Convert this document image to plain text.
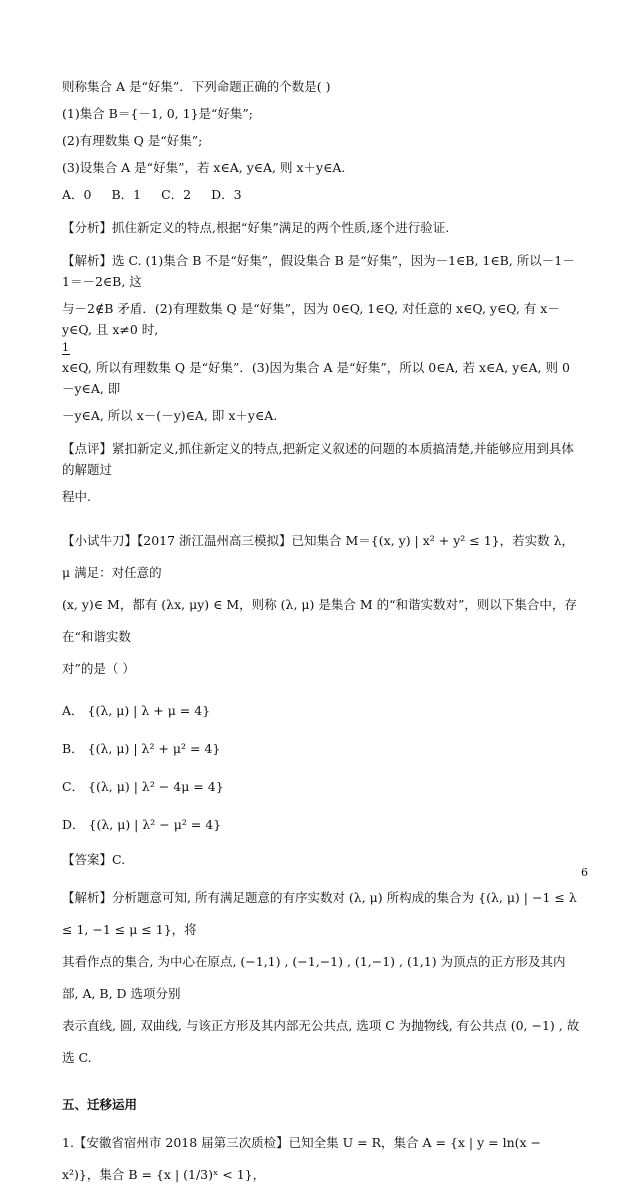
则称集合 A 是“好集”．下列命题正确的个数是( )

(1)集合 B＝{－1, 0, 1}是“好集”;

(2)有理数集 Q 是“好集”;

(3)设集合 A 是“好集”，若 x∈A, y∈A, 则 x＋y∈A.

A．0 B．1 C．2 D．3

【分析】抓住新定义的特点,根据“好集”满足的两个性质,逐个进行验证.

【解析】选 C. (1)集合 B 不是“好集”，假设集合 B 是“好集”，因为－1∈B, 1∈B, 所以－1－1＝－2∈B, 这

与－2∉B 矛盾．(2)有理数集 Q 是“好集”，因为 0∈Q, 1∈Q, 对任意的 x∈Q, y∈Q, 有 x－y∈Q, 且 x≠0 时,

1

x∈Q, 所以有理数集 Q 是“好集”．(3)因为集合 A 是“好集”，所以 0∈A, 若 x∈A, y∈A, 则 0－y∈A, 即

－y∈A, 所以 x－(－y)∈A, 即 x＋y∈A.

【点评】紧扣新定义,抓住新定义的特点,把新定义叙述的问题的本质搞清楚,并能够应用到具体的解题过

程中.

【小试牛刀】【2017 浙江温州高三模拟】已知集合 M＝{(x, y) | x² + y² ≤ 1}，若实数 λ，μ 满足：对任意的

(x, y)∈ M，都有 (λx, μy) ∈ M，则称 (λ, μ) 是集合 M 的“和谐实数对”，则以下集合中，存在“和谐实数

对”的是（ ）

A． {(λ, μ) | λ + μ = 4}

B． {(λ, μ) | λ² + μ² = 4}

C． {(λ, μ) | λ² − 4μ = 4}

D． {(λ, μ) | λ² − μ² = 4}

【答案】C.

【解析】分析题意可知, 所有满足题意的有序实数对 (λ, μ) 所构成的集合为 {(λ, μ) | −1 ≤ λ ≤ 1, −1 ≤ μ ≤ 1}，将

其看作点的集合, 为中心在原点, (−1,1) , (−1,−1) , (1,−1) , (1,1) 为顶点的正方形及其内部, A, B, D 选项分别

表示直线, 圆, 双曲线, 与该正方形及其内部无公共点, 选项 C 为抛物线, 有公共点 (0, −1) , 故选 C.

五、迁移运用

1.【安徽省宿州市 2018 届第三次质检】已知全集 U = R，集合 A = {x | y = ln(x − x²)}，集合 B = {x | (1/3)ˣ < 1}，

6
